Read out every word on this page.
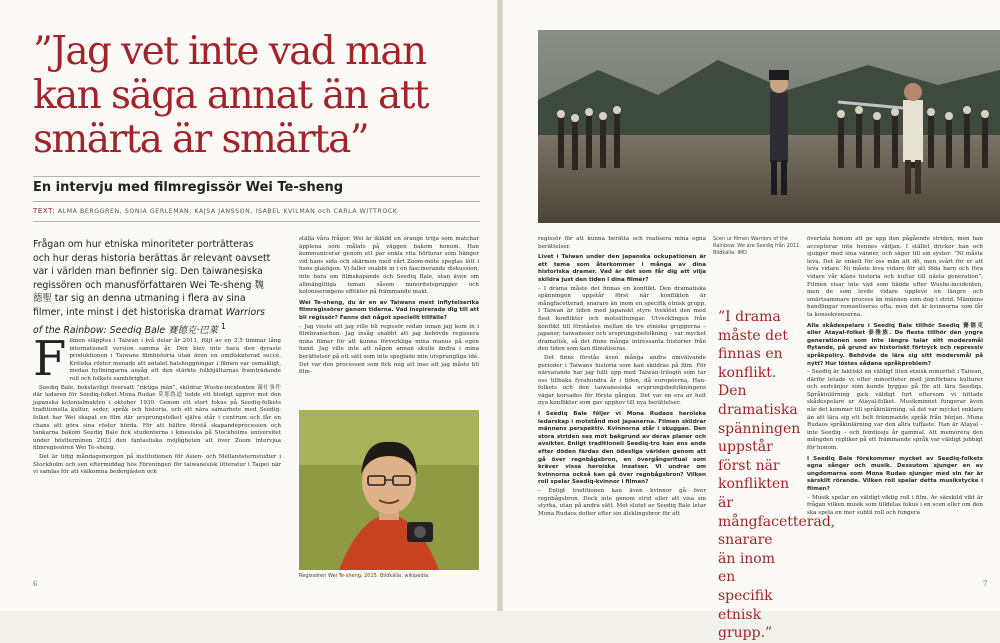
”Jag vet inte vad man kan säga annat än att smärta är smärta”
En intervju med filmregissör Wei Te-sheng
TEXT: ALMA BERGGREN, SONIA GERLEMAN, KAJSA JANSSON, ISABEL KVILMAN och CARLA WITTROCK

Frågan om hur etniska minoriteter porträtteras och hur deras historia berättas är relevant oavsett var i världen man befinner sig. Den taiwanesiska regissören och manusförfattaren Wei Te-sheng 魏德聖 tar sig an denna utmaning i flera av sina filmer, inte minst i det historiska dramat Warriors of the Rainbow: Seediq Bale 賽德克·巴萊 $^1$

F ilmen släpptes i Taiwan i två delar år 2011, följt av en 2,5 timmar lång internationell version samma år. Den blev inte bara den dyraste produktionen i Taiwans filmhistoria utan även en omdiskuterad succé. Kritiska röster menade att antalet halshuggningar i filmen var osmakligt, medan hyllningarna ansåg att den stärkte folkhjältarnas framträdande roll och folkets samhörighet.

Seediq Bale, bokstavligt översatt ”riktiga män”, skildrar Wushe-incidenten 霧社事件 där ledaren för Seediq-folket Mona Rudao 莫那魯道 ledde ett blodigt uppror mot den japanska kolonialmakten i oktober 1930. Genom ett stort fokus på Seediq-folkets traditionella kultur, seder, språk och historia, och ett nära samarbete med Seediq-folket har Wei skapat en film där ursprungsfolket själva står i centrum och får en chans att göra sina röster hörda. För att bättre förstå skapandeprocessen och tankarna bakom Seediq Bale fick studenterna i kinesiska på Stockholms universitet under höstterminen 2023 den fantastiska möjligheten att över Zoom intervjua filmregissören Wei Te-sheng.

Det är tidig måndagsmorgon på institutionen för Asien- och Mellanösternstudier i Stockholm och sen eftermiddag hos Föreningen för taiwanesisk litteratur i Taipei när vi samlas för att välkomna bedergästen och

ställa våra frågor. Wei är iklädd en orange tröja som matchar äpplena som målats på väggen bakom honom. Han kommunicerar genom ett par enkla vita hörlurar som hänger vid hans sida och skärmen med vårt Zoom-möte speglas lätt i hans glasögon. Vi faller snabbt in i en fascinerande diskussion, inte bara om filmskapande och Seediq Bale, utan även om allmängiltiga teman såsom minoritetsgrupper och koloniseringens effekter på främmande makt.

Wei Te-sheng, du är en av Taiwans mest inflytelserika filmregissörer genom tiderna. Vad inspirerade dig till att bli regissör? Fanns det något speciellt tillfälle?

– Jag visste att jag ville bli regissör redan innan jag kom in i filmbranschen. Jag insåg snabbt att jag behövde regissera mina filmer för att kunna förverkliga mina manus på egen hand. Jag ville inte att någon annan skulle ändra i mina berättelser på ett sätt som inte speglade min ursprungliga idé. Det var den processen som fick mig att inse att jag måste bli film-

Regissören Wei Te-sheng, 2015. Bildkälla: wikipedia.
6
Scen ur filmen Warriors of the Rainbow: We are Seediq från 2011. Bildkälla: IMD

regissör för att kunna berätta och realisera mina egna berättelser.

Livet i Taiwan under den japanska ockupationen är ett tema som återkommer i många av dina historiska dramer. Vad är det som får dig att vilja skildra just den tiden i dina filmer?

– I drama måste det finnas en konflikt. Den dramatiska spänningen uppstår först när konflikten är mångfacetterad, snarare än inom en specifik etnisk grupp. I Taiwan är tiden med japanskt styre tveklöst den med flest konflikter och motsättningar. Utvecklingen från konflikt till förståelse mellan de tre etniska grupperna – japaner, taiwaneser och ursprungsbefolkning – var mycket dramatisk, så det finns många intressanta historier från den tiden som kan filmatiseras.

Det finns förstås även många andra omvälvande perioder i Taiwans historia som kan skildras på film. För närvarande har jag fullt upp med Taiwan-trilogin som tar oss tillbaka fyrahundra år i tiden, då européerna, Han-folkets och den taiwanesiska ursprungsbefolkningens vägar korsades för första gången. Det var en era av helt nya konflikter som gav upphov till nya berättelser.

I Seediq Bale följer vi Mona Rudaos heroiska ledarskap i motstånd mot japanerna. Filmen skildrar männens perspektiv. Kvinnorna står i skuggan. Den stora striden ses mot bakgrund av deras planer och avsikter. Enligt traditionell Seediq-tro kan ens ande efter döden färdas den ödesliga världen genom att gå över regnbågsbron, en övergångsritual som kräver vissa heroiska insatser. Vi undrar om kvinnorna också kan gå över regnbågsbron? Vilken roll spelar Seediq-kvinnor i filmen?

– Enligt traditionen kan även kvinnor gå över regnbågsbron. Dock inte genom strid eller att visa sin styrka, utan på andra sätt. Mot slutet av Seediq Bale letar Mona Rudaos dotter efter sin älsklingsbror för att

”I drama måste det finnas en konflikt. Den dramatiska spänningen uppstår först när konflikten är mångfacetterad, snarare än inom en specifik etnisk grupp.”

övertala honom att ge upp den pågående striden, men han accepterar inte hennes vädjan. I stället dricker han och sjunger med sina vänner, och säger till sin syster: ”Ni måste leva. Det är enkelt för oss män att dö, men svårt för er att leva vidare. Ni måste leva vidare för att föda barn och föra vidare vår klans historia och kultur till nästa generation”. Filmen visar inte vad som hände efter Wushe-incidenten, men de som levde vidare uppleve en längre och smärtsammare process än männen som dog i strid. Männens handlingar romantiseras ofta, men det är kvinnorna som får ta konsekvenserna.

Alla skådespelare i Seediq Bale tillhör Seediq 賽德克 eller Atayal-folket 泰雅族. De flesta tillhör den yngre generationen som inte längre talar sitt modersmål flytande, på grund av historiskt förtryck och repressiv språkpolicy. Behövde de lära sig sitt modersmål på nytt? Hur löstes sådana språkproblem?

– Seediq är faktiskt en väldigt liten etnisk minoritet i Taiwan, därför letade vi efter minoriteter med jämförbara kulturer och sedvänjor som kunde byggas på för att lära Seediqs. Språkinlärning gick väldigt fort eftersom vi hittade skådespelare ur Atayal-folket. Musikminnet fungerar även när det kommer till språkinlärning, så det var mycket enklare än att lära sig ett helt främmande språk från början. Mona Rudaos språkinlärning var den allra tuffaste. Han är Atayal – inte Seediq – och femtiosju år gammal. Att memorera den mängden repliker på ett främmande språk var väldigt jobbigt för honom.

I Seediq Bale förekommer mycket av Seediq-folkets egna sånger och musik. Dessutom sjunger en av ungdomarna som Mona Rudao sjunger med sin far är särskilt rörande. Vilken roll spelar detta musikstycke i filmen?

– Musik spelar en väldigt viktig roll i film. Av särskild vikt är frågan vilken musik som tilldelas fokus i en scen eller om den ska spela en mer subtil roll och fungera

7
